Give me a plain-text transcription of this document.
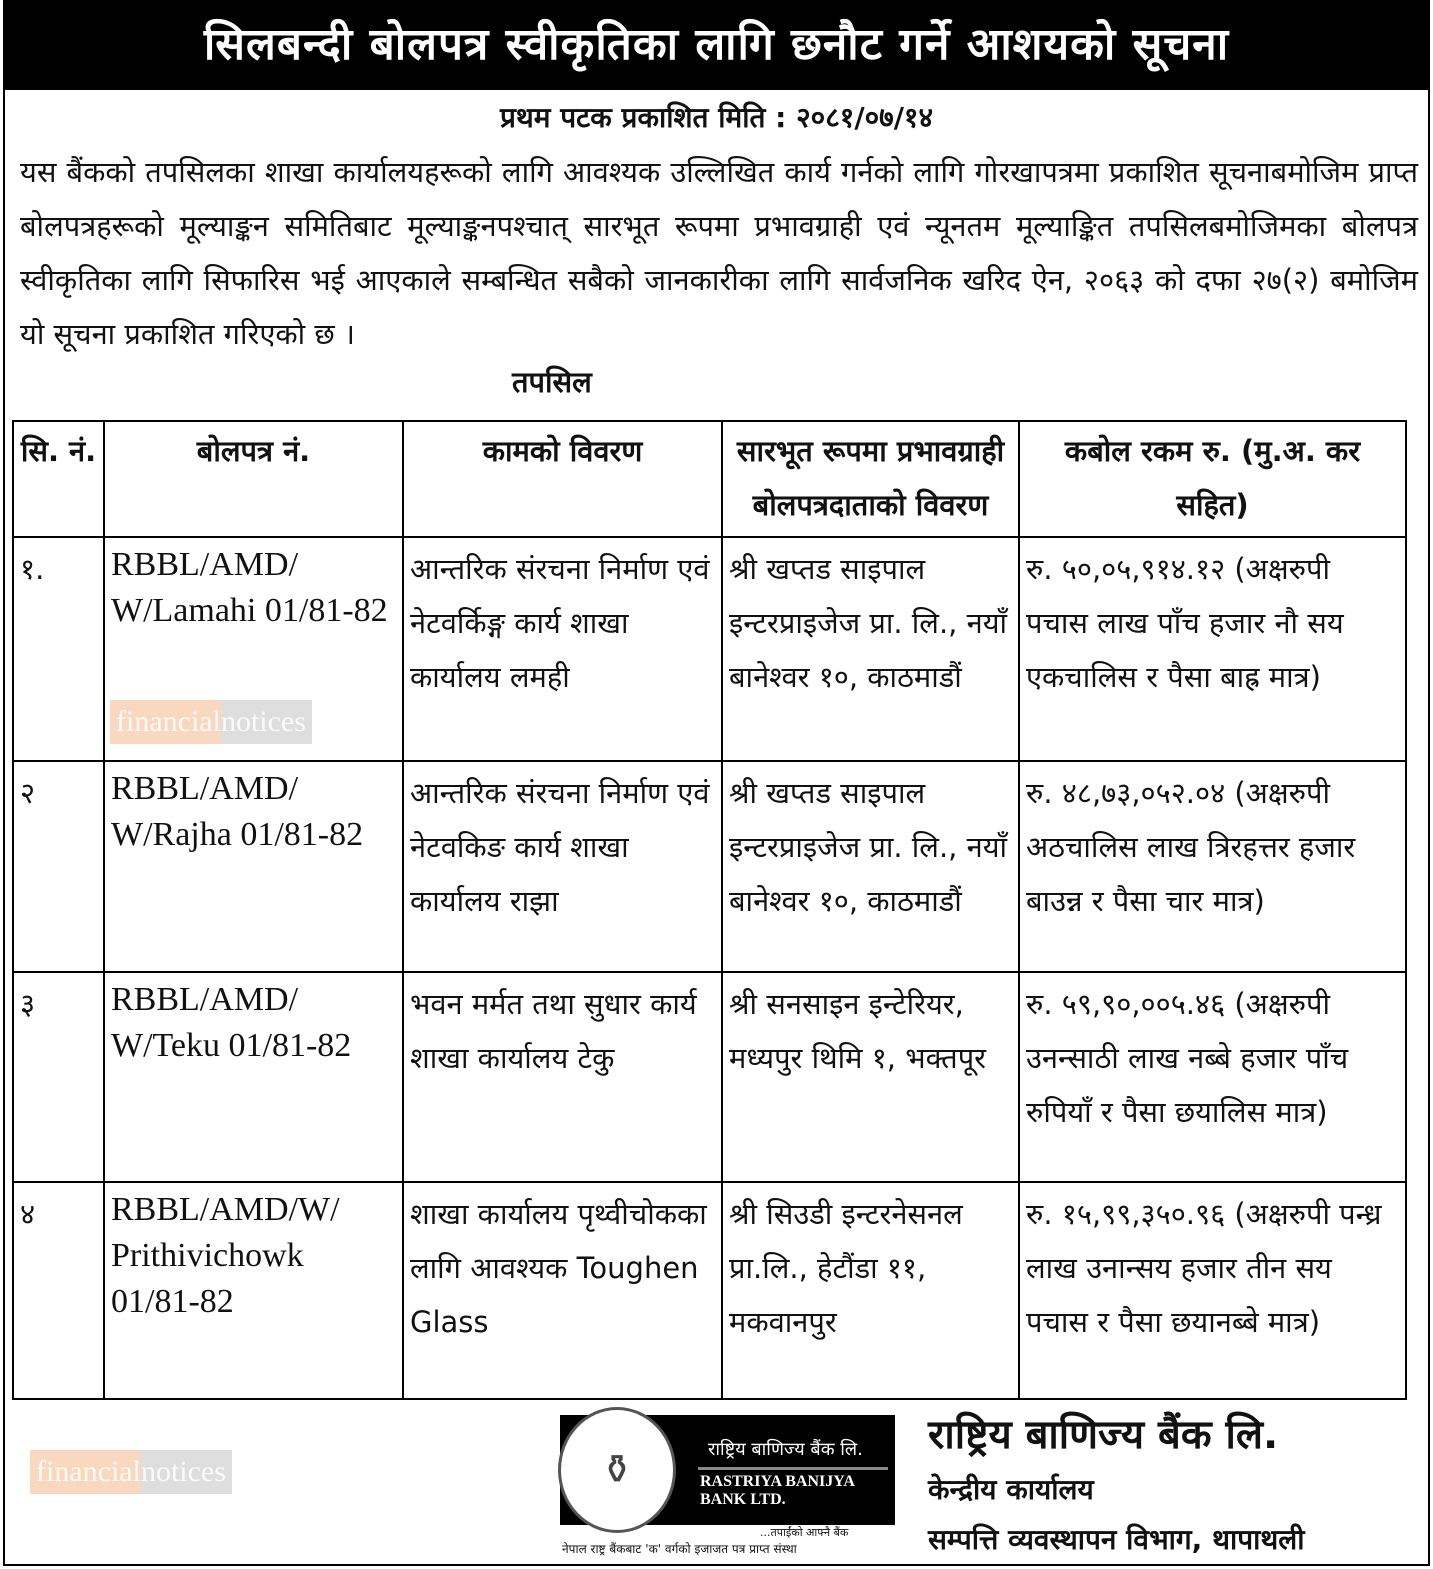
सिलबन्दी बोलपत्र स्वीकृतिका लागि छनौट गर्ने आशयको सूचना
प्रथम पटक प्रकाशित मिति : २०८१/०७/१४
यस बैंकको तपसिलका शाखा कार्यालयहरूको लागि आवश्यक उल्लिखित कार्य गर्नको लागि गोरखापत्रमा प्रकाशित सूचनाबमोजिम प्राप्त बोलपत्रहरूको मूल्याङ्कन समितिबाट मूल्याङ्कनपश्चात् सारभूत रूपमा प्रभावग्राही एवं न्यूनतम मूल्याङ्कित तपसिलबमोजिमका बोलपत्र स्वीकृतिका लागि सिफारिस भई आएकाले सम्बन्धित सबैको जानकारीका लागि सार्वजनिक खरिद ऐन, २०६३ को दफा २७(२) बमोजिम यो सूचना प्रकाशित गरिएको छ ।
तपसिल
सि. नं.	बोलपत्र नं.	कामको विवरण	सारभूत रूपमा प्रभावग्राही बोलपत्रदाताको विवरण	कबोल रकम रु. (मु.अ. कर सहित)
१.	RBBL/AMD/ W/Lamahi 01/81-82	आन्तरिक संरचना निर्माण एवं नेटवर्किङ्ग कार्य शाखा कार्यालय लमही	श्री खप्तड साइपाल इन्टरप्राइजेज प्रा. लि., नयाँ बानेश्वर १०, काठमाडौं	रु. ५०,०५,९१४.१२ (अक्षरुपी पचास लाख पाँच हजार नौ सय एकचालिस र पैसा बाह्र मात्र)
२	RBBL/AMD/ W/Rajha 01/81-82	आन्तरिक संरचना निर्माण एवं नेटवकिङ कार्य शाखा कार्यालय राझा	श्री खप्तड साइपाल इन्टरप्राइजेज प्रा. लि., नयाँ बानेश्वर १०, काठमाडौं	रु. ४८,७३,०५२.०४ (अक्षरुपी अठचालिस लाख त्रिरहत्तर हजार बाउन्न र पैसा चार मात्र)
३	RBBL/AMD/ W/Teku 01/81-82	भवन मर्मत तथा सुधार कार्य शाखा कार्यालय टेकु	श्री सनसाइन इन्टेरियर, मध्यपुर थिमि १, भक्तपूर	रु. ५९,९०,००५.४६ (अक्षरुपी उनन्साठी लाख नब्बे हजार पाँच रुपियाँ र पैसा छयालिस मात्र)
४	RBBL/AMD/W/ Prithivichowk 01/81-82	शाखा कार्यालय पृथ्वीचोकका लागि आवश्यक Toughen Glass	श्री सिउडी इन्टरनेसनल प्रा.लि., हेटौंडा ११, मकवानपुर	रु. १५,९९,३५०.९६ (अक्षरुपी पन्ध्र लाख उनान्सय हजार तीन सय पचास र पैसा छयानब्बे मात्र)
⚱	राष्ट्रिय बाणिज्य बैंक लि.
RASTRIYA BANIJYA BANK LTD.
...तपाईंको आफ्नै बैंक
नेपाल राष्ट्र बैंकबाट 'क' वर्गको इजाजत पत्र प्राप्त संस्था
राष्ट्रिय बाणिज्य बैंक लि.
केन्द्रीय कार्यालय
सम्पत्ति व्यवस्थापन विभाग, थापाथली
financialnotices
financialnotices
